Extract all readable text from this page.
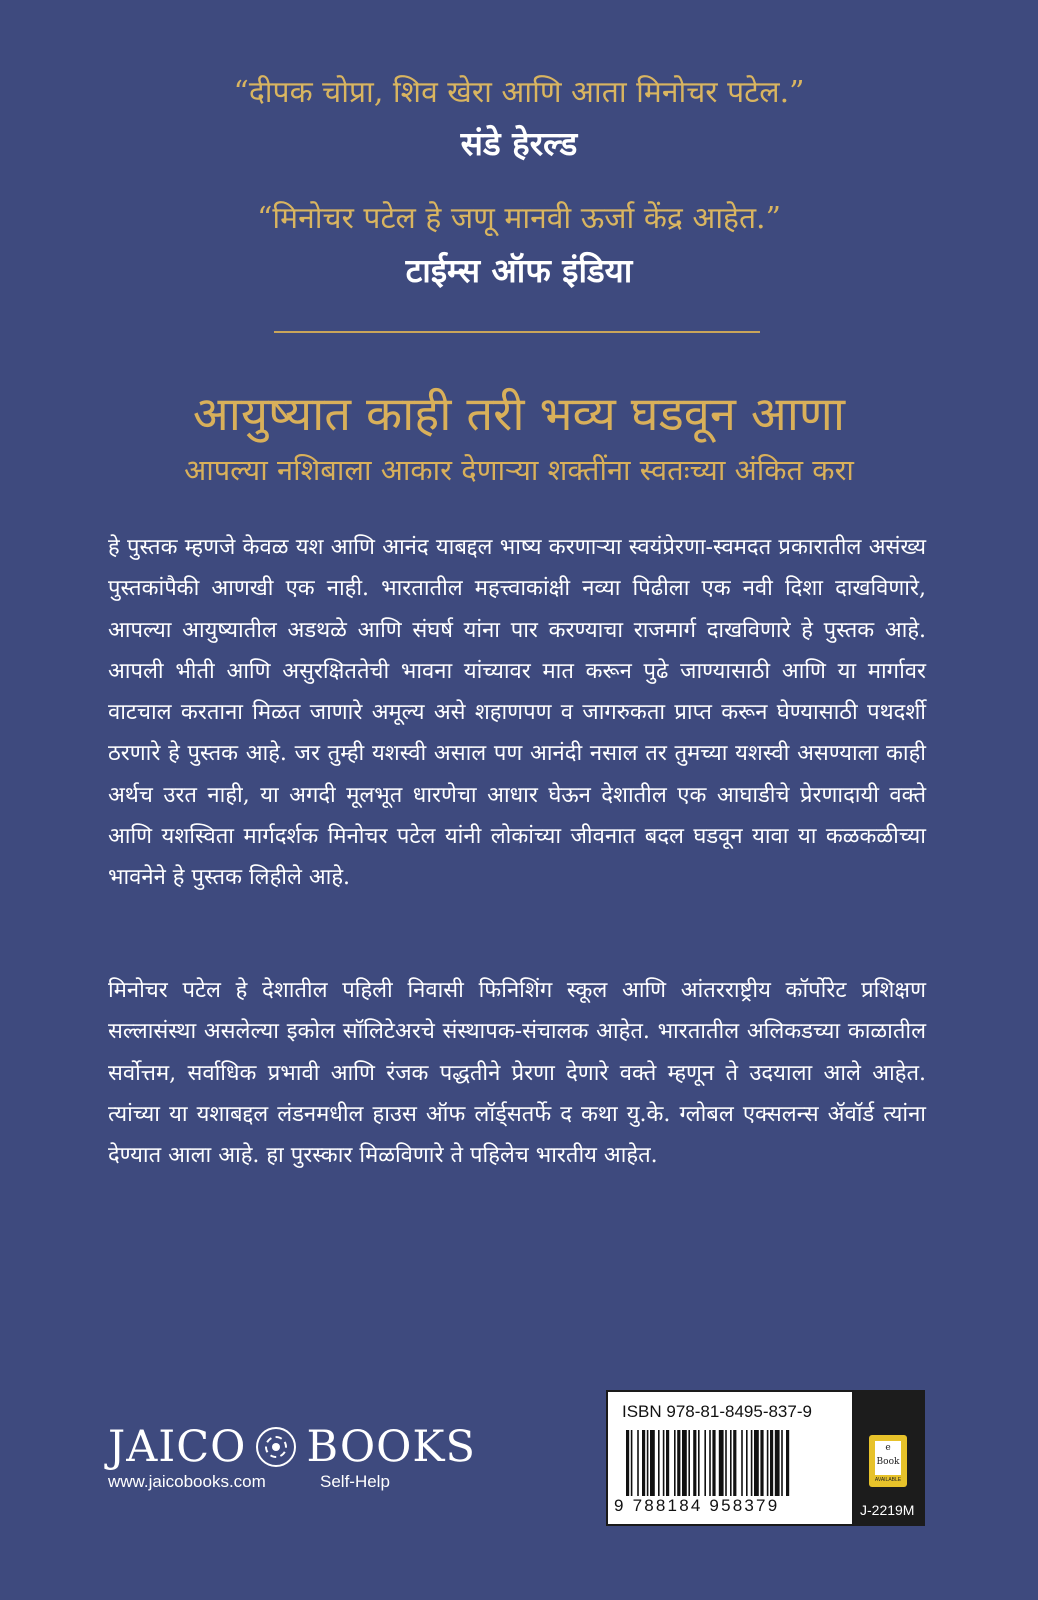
“दीपक चोप्रा, शिव खेरा आणि आता मिनोचर पटेल.”
संडे हेरल्ड
“मिनोचर पटेल हे जणू मानवी ऊर्जा केंद्र आहेत.”
टाईम्स ऑफ इंडिया
आयुष्यात काही तरी भव्य घडवून आणा
आपल्या नशिबाला आकार देणाऱ्या शक्तींना स्वतःच्या अंकित करा

हे पुस्तक म्हणजे केवळ यश आणि आनंद याबद्दल भाष्य करणाऱ्या स्वयंप्रेरणा-स्वमदत प्रकारातील असंख्य पुस्तकांपैकी आणखी एक नाही. भारतातील महत्त्वाकांक्षी नव्या पिढीला एक नवी दिशा दाखविणारे, आपल्या आयुष्यातील अडथळे आणि संघर्ष यांना पार करण्याचा राजमार्ग दाखविणारे हे पुस्तक आहे. आपली भीती आणि असुरक्षिततेची भावना यांच्यावर मात करून पुढे जाण्यासाठी आणि या मार्गावर वाटचाल करताना मिळत जाणारे अमूल्य असे शहाणपण व जागरुकता प्राप्त करून घेण्यासाठी पथदर्शी ठरणारे हे पुस्तक आहे. जर तुम्ही यशस्वी असाल पण आनंदी नसाल तर तुमच्या यशस्वी असण्याला काही अर्थच उरत नाही, या अगदी मूलभूत धारणेचा आधार घेऊन देशातील एक आघाडीचे प्रेरणादायी वक्ते आणि यशस्विता मार्गदर्शक मिनोचर पटेल यांनी लोकांच्या जीवनात बदल घडवून यावा या कळकळीच्या भावनेने हे पुस्तक लिहीले आहे.

मिनोचर पटेल हे देशातील पहिली निवासी फिनिशिंग स्कूल आणि आंतरराष्ट्रीय कॉर्पोरेट प्रशिक्षण सल्लासंस्था असलेल्या इकोल सॉलिटेअरचे संस्थापक-संचालक आहेत. भारतातील अलिकडच्या काळातील सर्वोत्तम, सर्वाधिक प्रभावी आणि रंजक पद्धतीने प्रेरणा देणारे वक्ते म्हणून ते उदयाला आले आहेत. त्यांच्या या यशाबद्दल लंडनमधील हाउस ऑफ लॉर्ड्सतर्फे द कथा यु.के. ग्लोबल एक्सलन्स ॲवॉर्ड त्यांना देण्यात आला आहे. हा पुरस्कार मिळविणारे ते पहिलेच भारतीय आहेत.

JAICO BOOKS
www.jaicobooks.com	Self-Help
ISBN 978-81-8495-837-9
9 788184 958379
e Book
AVAILABLE
J-2219M
